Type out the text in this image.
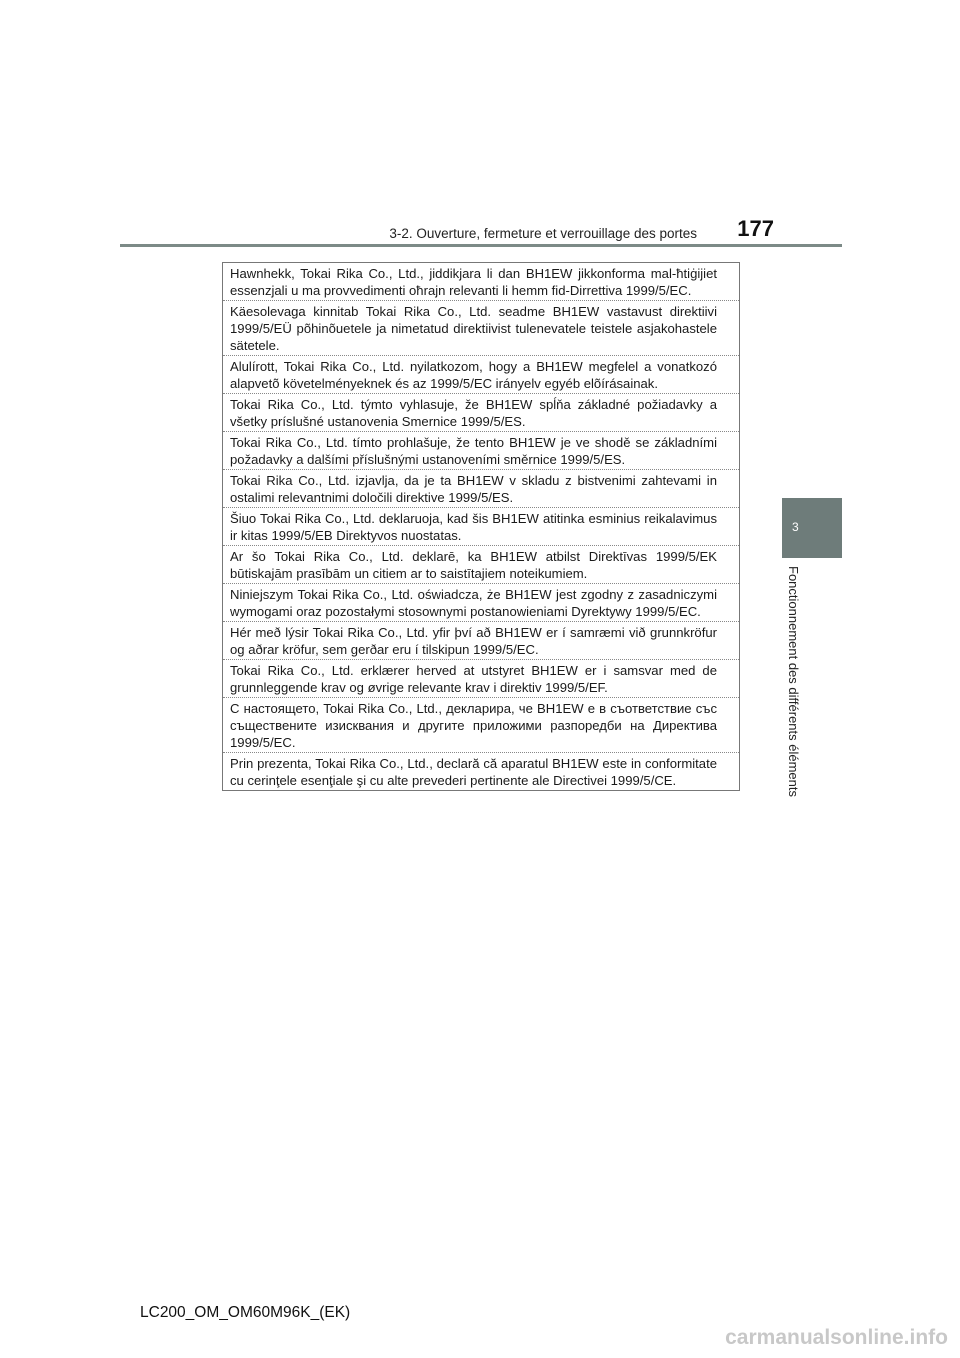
3-2. Ouverture, fermeture et verrouillage des portes 177
3
Fonctionnement des différents éléments
Hawnhekk, Tokai Rika Co., Ltd., jiddikjara li dan BH1EW jikkonforma mal-ħtiġijiet essenzjali u ma provvedimenti oħrajn relevanti li hemm fid-Dirrettiva 1999/5/EC.
Käesolevaga kinnitab Tokai Rika Co., Ltd. seadme BH1EW vastavust direktiivi 1999/5/EÜ põhinõuetele ja nimetatud direktiivist tulenevatele teistele asjakohastele sätetele.
Alulírott, Tokai Rika Co., Ltd. nyilatkozom, hogy a BH1EW megfelel a vonatkozó alapvetõ követelményeknek és az 1999/5/EC irányelv egyéb elõírásainak.
Tokai Rika Co., Ltd. týmto vyhlasuje, že BH1EW spĺňa základné požiadavky a všetky príslušné ustanovenia Smernice 1999/5/ES.
Tokai Rika Co., Ltd. tímto prohlašuje, že tento BH1EW je ve shodě se základními požadavky a dalšími příslušnými ustanoveními směrnice 1999/5/ES.
Tokai Rika Co., Ltd. izjavlja, da je ta BH1EW v skladu z bistvenimi zahtevami in ostalimi relevantnimi določili direktive 1999/5/ES.
Šiuo Tokai Rika Co., Ltd. deklaruoja, kad šis BH1EW atitinka esminius reikalavimus ir kitas 1999/5/EB Direktyvos nuostatas.
Ar šo Tokai Rika Co., Ltd. deklarē, ka BH1EW atbilst Direktīvas 1999/5/EK būtiskajām prasībām un citiem ar to saistītajiem noteikumiem.
Niniejszym Tokai Rika Co., Ltd. oświadcza, że BH1EW jest zgodny z zasadniczymi wymogami oraz pozostałymi stosownymi postanowieniami Dyrektywy 1999/5/EC.
Hér með lýsir Tokai Rika Co., Ltd. yfir því að BH1EW er í samræmi við grunnkröfur og aðrar kröfur, sem gerðar eru í tilskipun 1999/5/EC.
Tokai Rika Co., Ltd. erklærer herved at utstyret BH1EW er i samsvar med de grunnleggende krav og øvrige relevante krav i direktiv 1999/5/EF.
С настоящето, Tokai Rika Co., Ltd., декларира, че BH1EW е в съответствие със съществените изисквания и другите приложими разпоредби на Директива 1999/5/EC.
Prin prezenta, Tokai Rika Co., Ltd., declară că aparatul BH1EW este in conformitate cu cerinţele esenţiale şi cu alte prevederi pertinente ale Directivei 1999/5/CE.
LC200_OM_OM60M96K_(EK)
carmanualsonline.info
